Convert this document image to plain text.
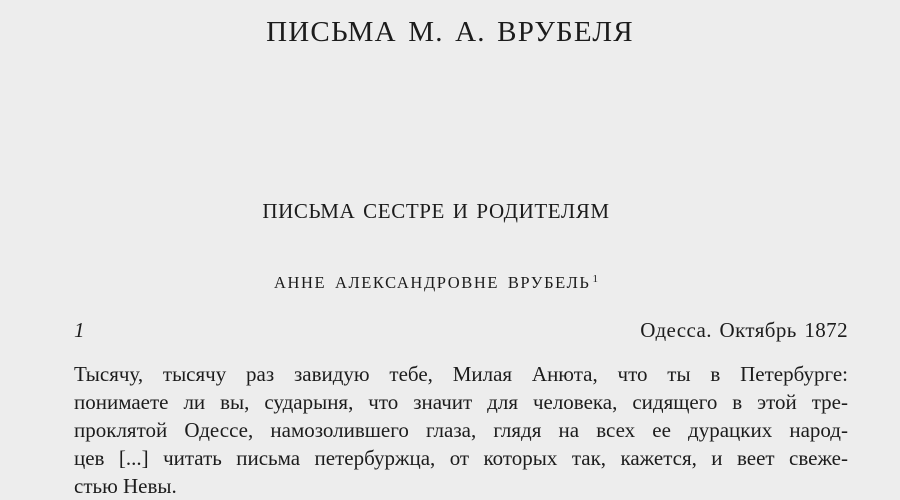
ПИСЬМА М. А. ВРУБЕЛЯ
ПИСЬМА СЕСТРЕ И РОДИТЕЛЯМ
АННЕ АЛЕКСАНДРОВНЕ ВРУБЕЛЬ $^1$
1	Одесса. Октябрь 1872
Тысячу, тысячу раз завидую тебе, Милая Анюта, что ты в Петербурге:
понимаете ли вы, сударыня, что значит для человека, сидящего в этой тре-
проклятой Одессе, намозолившего глаза, глядя на всех ее дурацких народ-
цев [...] читать письма петербуржца, от которых так, кажется, и веет свеже-
стью Невы.
